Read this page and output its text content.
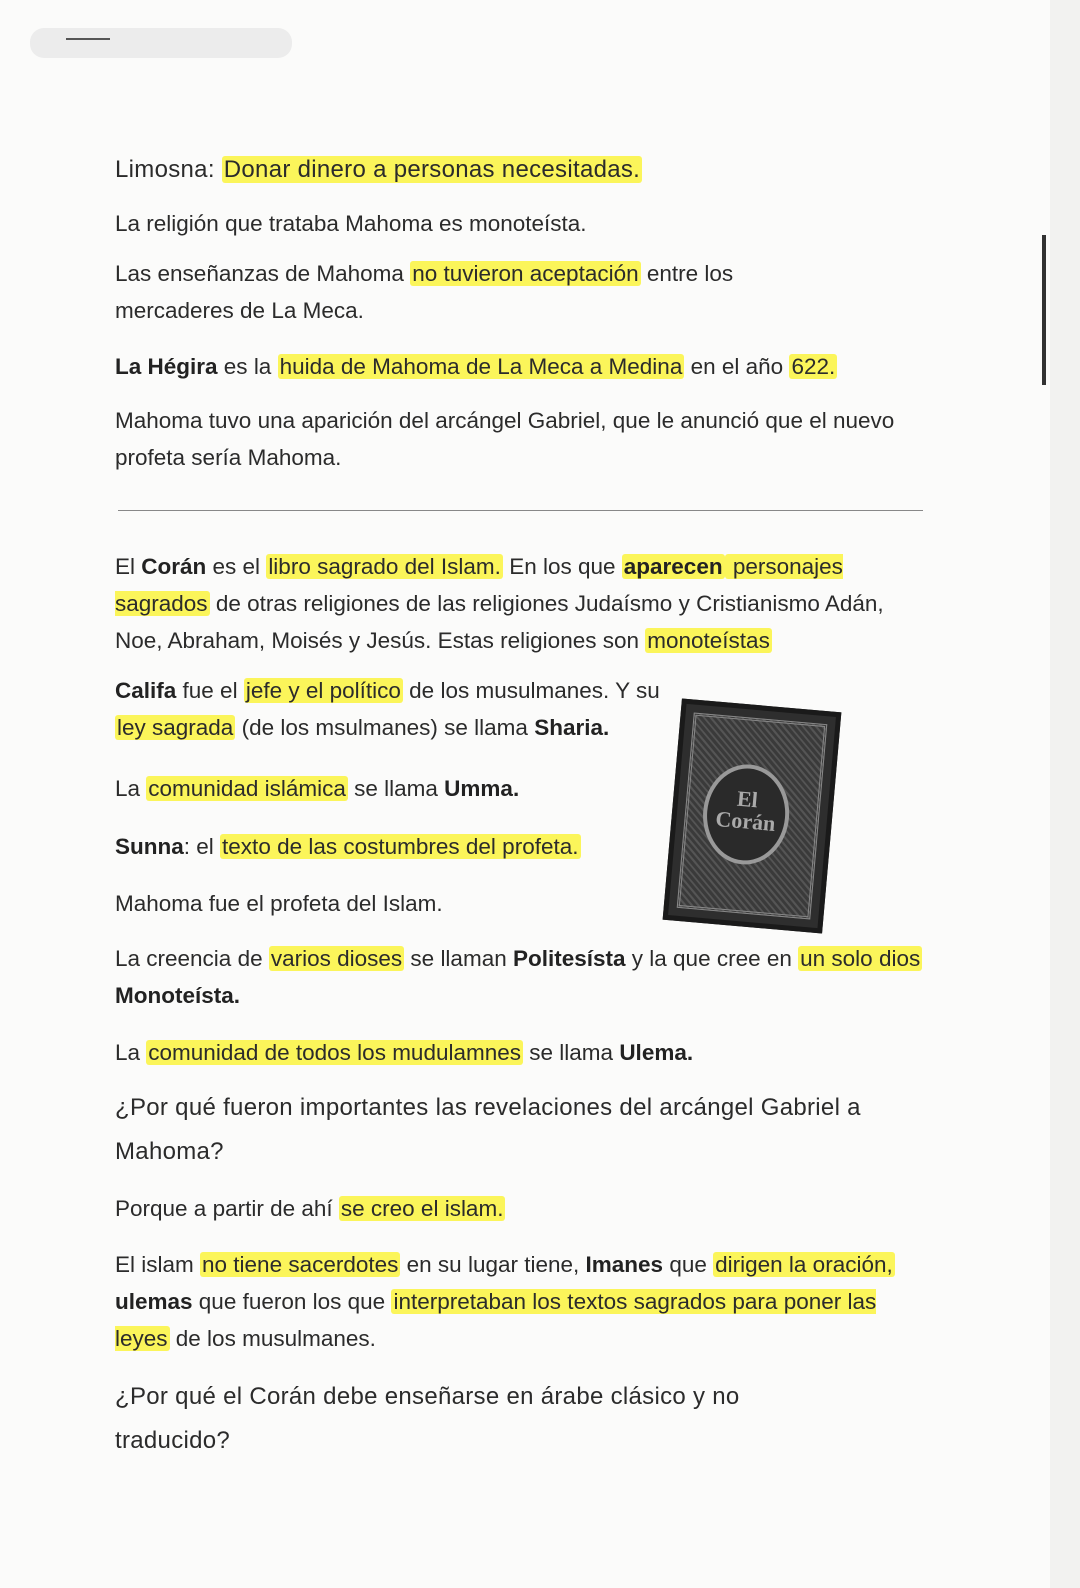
Limosna: Donar dinero a personas necesitadas.
La religión que trataba Mahoma es monoteísta.
Las enseñanzas de Mahoma no tuvieron aceptación entre los mercaderes de La Meca.
La Hégira es la huida de Mahoma de La Meca a Medina en el año 622.
Mahoma tuvo una aparición del arcángel Gabriel, que le anunció que el nuevo profeta sería Mahoma.
El Corán es el libro sagrado del Islam. En los que aparecen personajes sagrados de otras religiones de las religiones Judaísmo y Cristianismo Adán, Noe, Abraham, Moisés y Jesús. Estas religiones son monoteístas
Califa fue el jefe y el político de los musulmanes. Y su ley sagrada (de los msulmanes) se llama Sharia.
La comunidad islámica se llama Umma.
Sunna: el texto de las costumbres del profeta.
Mahoma fue el profeta del Islam.
La creencia de varios dioses se llaman Politesísta y la que cree en un solo dios Monoteísta.
La comunidad de todos los mudulamnes se llama Ulema.
¿Por qué fueron importantes las revelaciones del arcángel Gabriel a Mahoma?
Porque a partir de ahí se creo el islam.
El islam no tiene sacerdotes en su lugar tiene, Imanes que dirigen la oración, ulemas que fueron los que interpretaban los textos sagrados para poner las leyes de los musulmanes.
¿Por qué el Corán debe enseñarse en árabe clásico y no traducido?
El
Corán
